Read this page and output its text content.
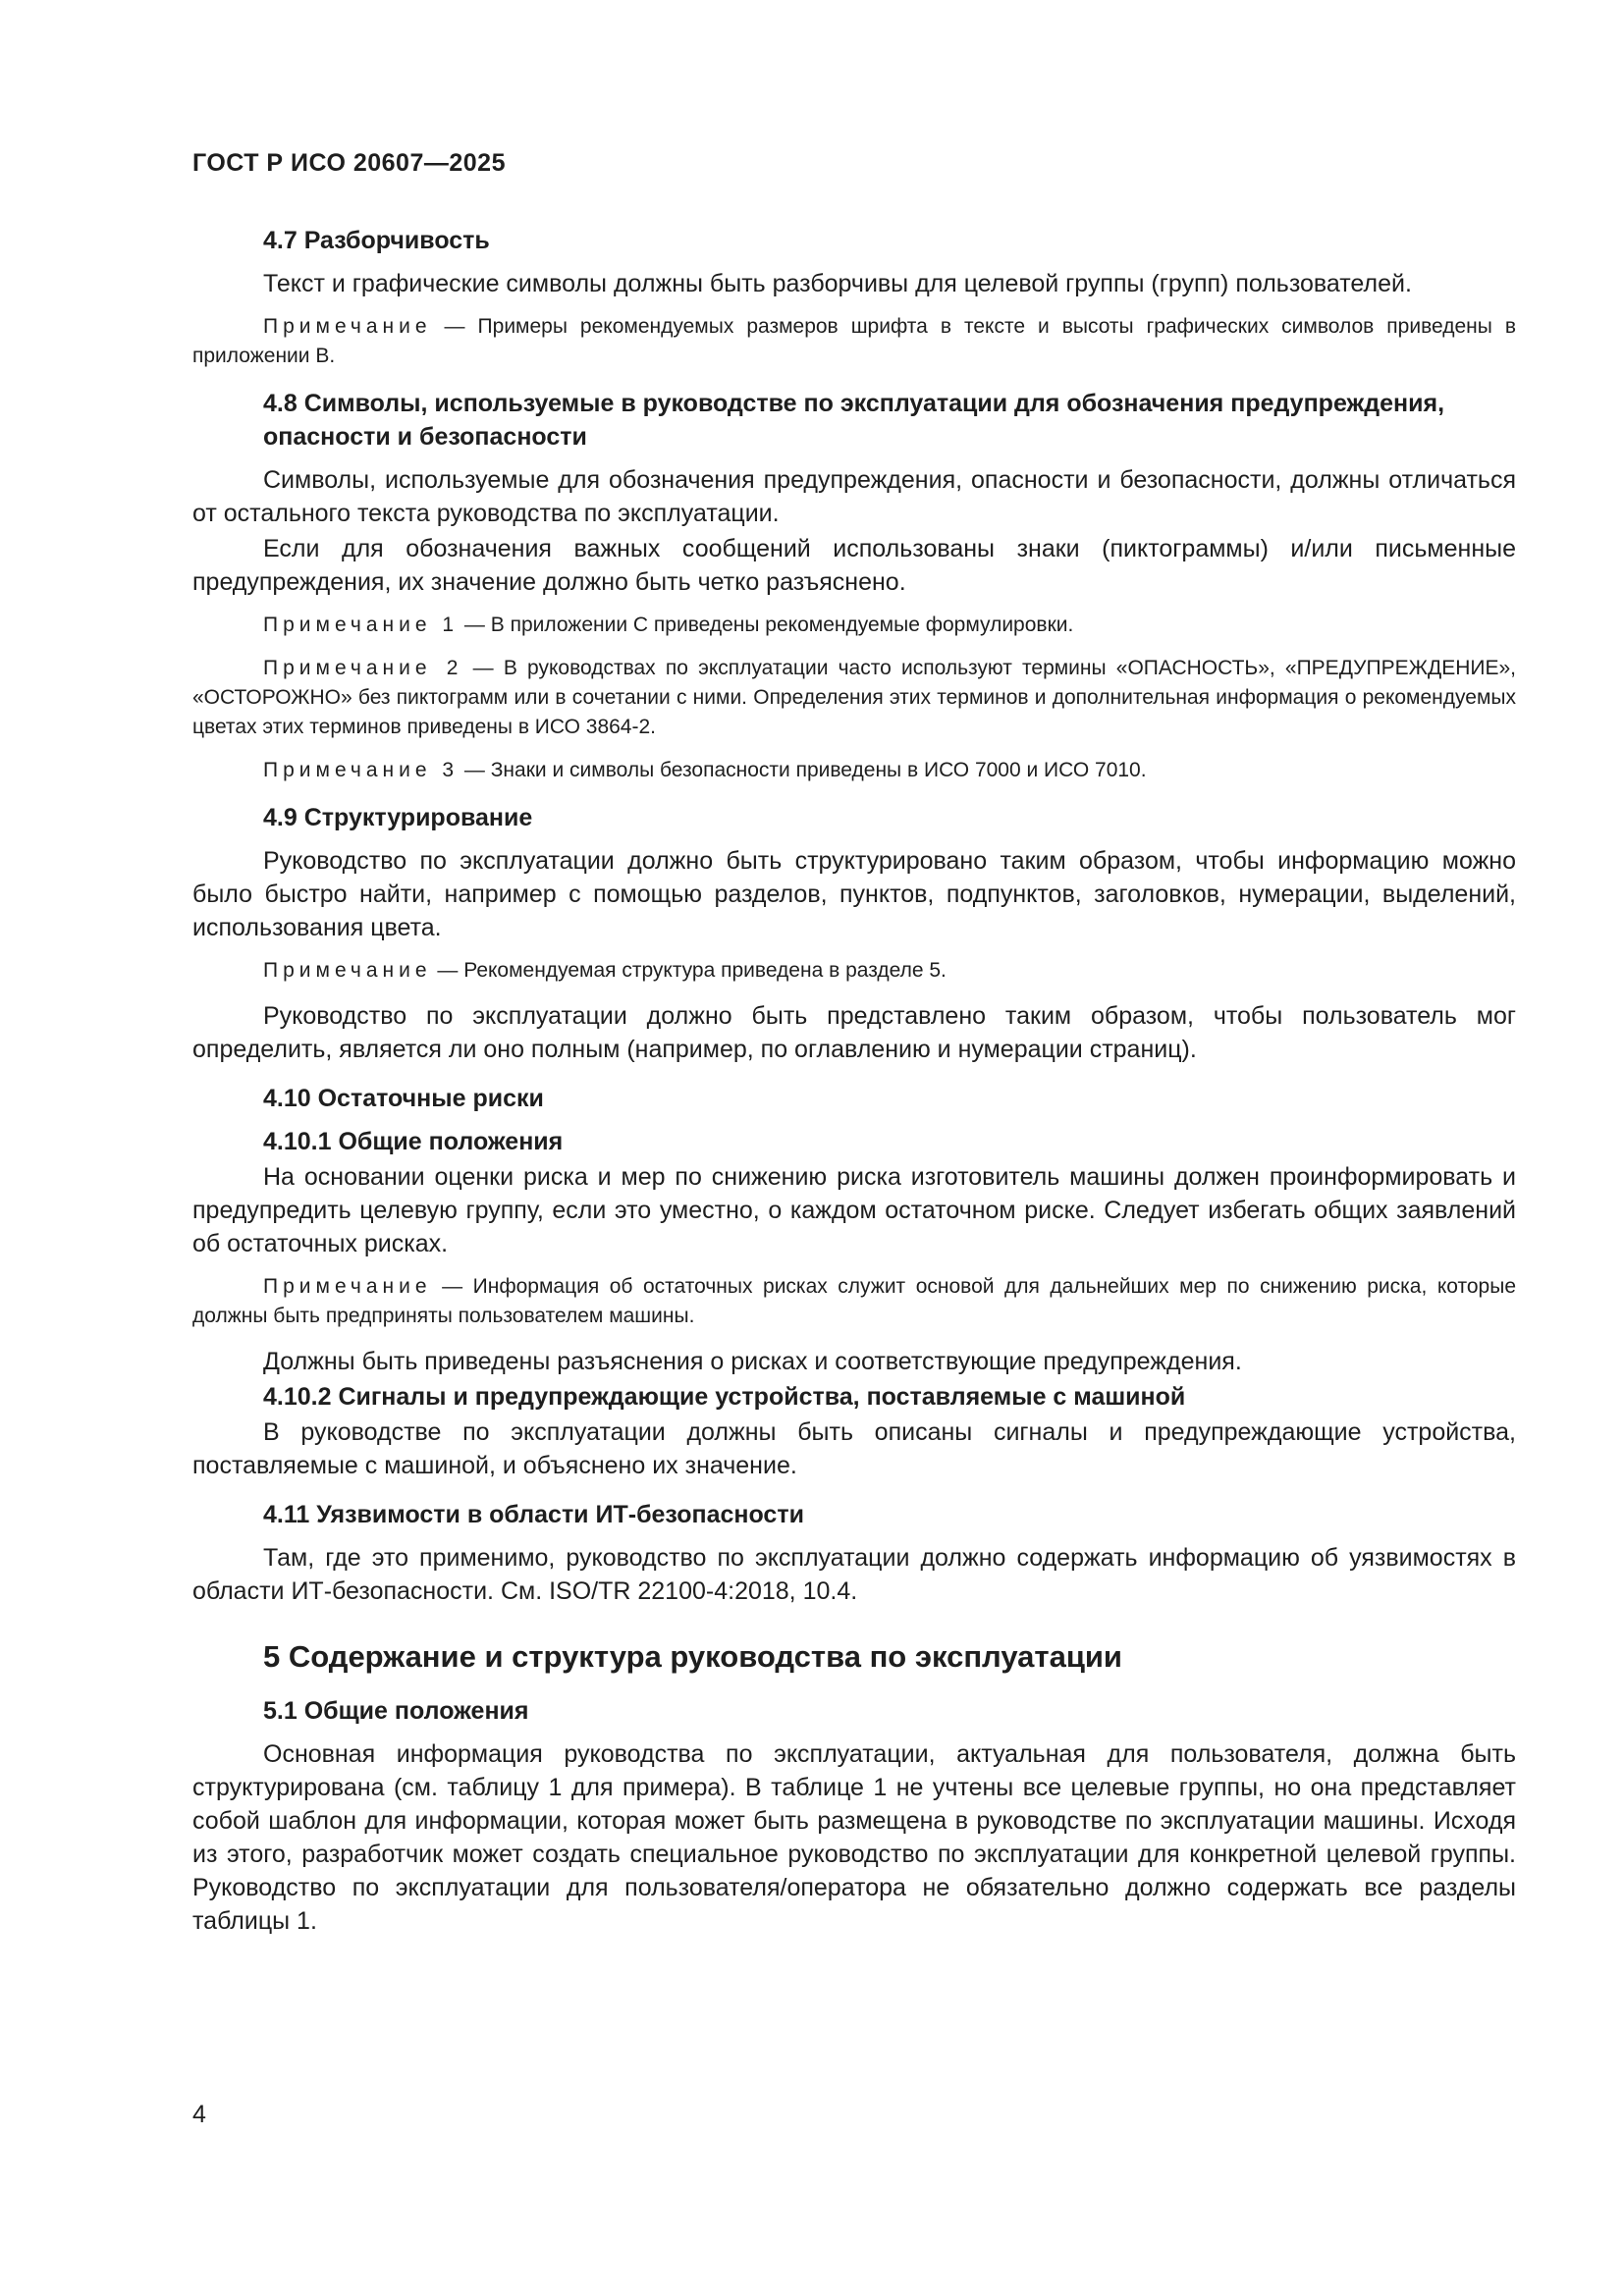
ГОСТ Р ИСО 20607—2025
4.7 Разборчивость
Текст и графические символы должны быть разборчивы для целевой группы (групп) пользователей.
Примечание — Примеры рекомендуемых размеров шрифта в тексте и высоты графических символов приведены в приложении В.
4.8 Символы, используемые в руководстве по эксплуатации для обозначения предупреждения, опасности и безопасности
Символы, используемые для обозначения предупреждения, опасности и безопасности, должны отличаться от остального текста руководства по эксплуатации.
Если для обозначения важных сообщений использованы знаки (пиктограммы) и/или письменные предупреждения, их значение должно быть четко разъяснено.
Примечание 1 — В приложении С приведены рекомендуемые формулировки.
Примечание 2 — В руководствах по эксплуатации часто используют термины «ОПАСНОСТЬ», «ПРЕДУПРЕЖДЕНИЕ», «ОСТОРОЖНО» без пиктограмм или в сочетании с ними. Определения этих терминов и дополнительная информация о рекомендуемых цветах этих терминов приведены в ИСО 3864-2.
Примечание 3 — Знаки и символы безопасности приведены в ИСО 7000 и ИСО 7010.
4.9 Структурирование
Руководство по эксплуатации должно быть структурировано таким образом, чтобы информацию можно было быстро найти, например с помощью разделов, пунктов, подпунктов, заголовков, нумерации, выделений, использования цвета.
Примечание — Рекомендуемая структура приведена в разделе 5.
Руководство по эксплуатации должно быть представлено таким образом, чтобы пользователь мог определить, является ли оно полным (например, по оглавлению и нумерации страниц).
4.10 Остаточные риски
4.10.1 Общие положения
На основании оценки риска и мер по снижению риска изготовитель машины должен проинформировать и предупредить целевую группу, если это уместно, о каждом остаточном риске. Следует избегать общих заявлений об остаточных рисках.
Примечание — Информация об остаточных рисках служит основой для дальнейших мер по снижению риска, которые должны быть предприняты пользователем машины.
Должны быть приведены разъяснения о рисках и соответствующие предупреждения.
4.10.2 Сигналы и предупреждающие устройства, поставляемые с машиной
В руководстве по эксплуатации должны быть описаны сигналы и предупреждающие устройства, поставляемые с машиной, и объяснено их значение.
4.11 Уязвимости в области ИТ-безопасности
Там, где это применимо, руководство по эксплуатации должно содержать информацию об уязвимостях в области ИТ-безопасности. См. ISO/TR 22100-4:2018, 10.4.
5 Содержание и структура руководства по эксплуатации
5.1 Общие положения
Основная информация руководства по эксплуатации, актуальная для пользователя, должна быть структурирована (см. таблицу 1 для примера). В таблице 1 не учтены все целевые группы, но она представляет собой шаблон для информации, которая может быть размещена в руководстве по эксплуатации машины. Исходя из этого, разработчик может создать специальное руководство по эксплуатации для конкретной целевой группы. Руководство по эксплуатации для пользователя/оператора не обязательно должно содержать все разделы таблицы 1.
4
